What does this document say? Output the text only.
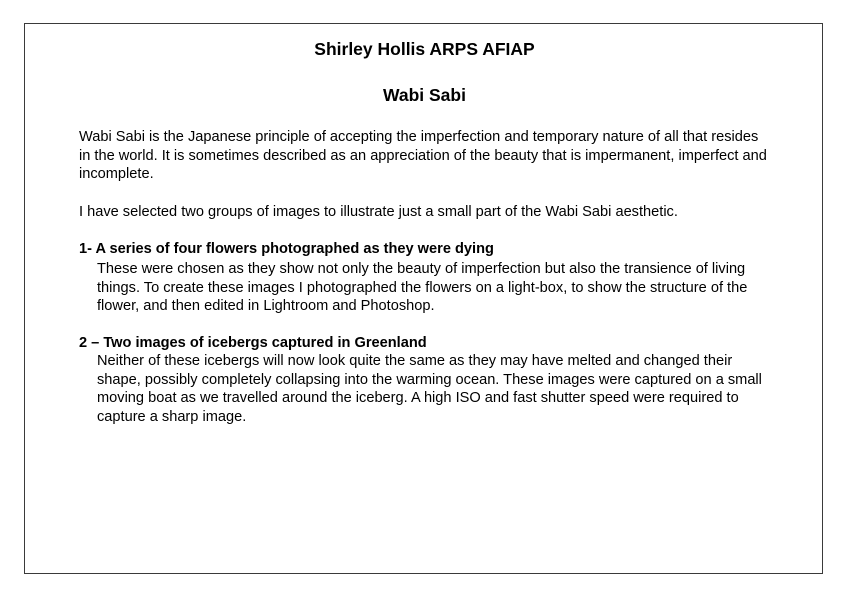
Shirley Hollis ARPS AFIAP
Wabi Sabi

Wabi Sabi is the Japanese principle of accepting the imperfection and temporary nature of all that resides in the world. It is sometimes described as an appreciation of the beauty that is impermanent, imperfect and incomplete.

I have selected two groups of images to illustrate just a small part of the Wabi Sabi aesthetic.

1- A series of four flowers photographed as they were dying

These were chosen as they show not only the beauty of imperfection but also the transience of living things. To create these images I photographed the flowers on a light-box, to show the structure of the flower, and then edited in Lightroom and Photoshop.

2 – Two images of icebergs captured in Greenland

Neither of these icebergs will now look quite the same as they may have melted and changed their shape, possibly completely collapsing into the warming ocean. These images were captured on a small moving boat as we travelled around the iceberg. A high ISO and fast shutter speed were required to capture a sharp image.
